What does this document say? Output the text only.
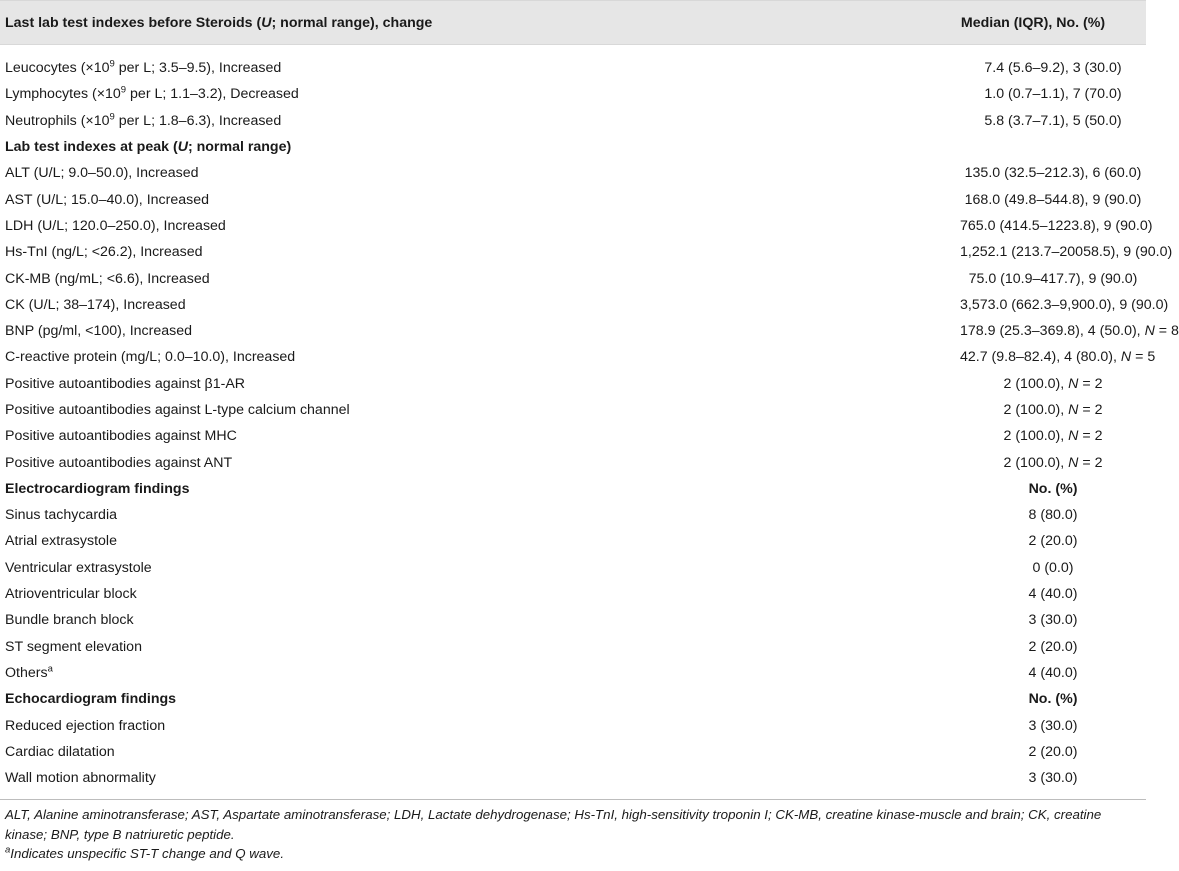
Last lab test indexes before Steroids (U; normal range), change	Median (IQR), No. (%)

Leucocytes ($\times 10^9$ per L; 3.5–9.5), Increased	7.4 (5.6–9.2), 3 (30.0)
Lymphocytes ($\times 10^9$ per L; 1.1–3.2), Decreased	1.0 (0.7–1.1), 7 (70.0)
Neutrophils ($\times 10^9$ per L; 1.8–6.3), Increased	5.8 (3.7–7.1), 5 (50.0)
Lab test indexes at peak (U; normal range)	
ALT (U/L; 9.0–50.0), Increased	135.0 (32.5–212.3), 6 (60.0)
AST (U/L; 15.0–40.0), Increased	168.0 (49.8–544.8), 9 (90.0)
LDH (U/L; 120.0–250.0), Increased	765.0 (414.5–1223.8), 9 (90.0)
Hs-TnI (ng/L; <26.2), Increased	1,252.1 (213.7–20058.5), 9 (90.0)
CK-MB (ng/mL; <6.6), Increased	75.0 (10.9–417.7), 9 (90.0)
CK (U/L; 38–174), Increased	3,573.0 (662.3–9,900.0), 9 (90.0)
BNP (pg/ml, <100), Increased	178.9 (25.3–369.8), 4 (50.0), N = 8
C-reactive protein (mg/L; 0.0–10.0), Increased	42.7 (9.8–82.4), 4 (80.0), N = 5
Positive autoantibodies against β1-AR	2 (100.0), N = 2
Positive autoantibodies against L-type calcium channel	2 (100.0), N = 2
Positive autoantibodies against MHC	2 (100.0), N = 2
Positive autoantibodies against ANT	2 (100.0), N = 2
Electrocardiogram findings	No. (%)
Sinus tachycardia	8 (80.0)
Atrial extrasystole	2 (20.0)
Ventricular extrasystole	0 (0.0)
Atrioventricular block	4 (40.0)
Bundle branch block	3 (30.0)
ST segment elevation	2 (20.0)
Others$^a$	4 (40.0)
Echocardiogram findings	No. (%)
Reduced ejection fraction	3 (30.0)
Cardiac dilatation	2 (20.0)
Wall motion abnormality	3 (30.0)

ALT, Alanine aminotransferase; AST, Aspartate aminotransferase; LDH, Lactate dehydrogenase; Hs-TnI, high-sensitivity troponin I; CK-MB, creatine kinase-muscle and brain; CK, creatine kinase; BNP, type B natriuretic peptide.

$^a$Indicates unspecific ST-T change and Q wave.
